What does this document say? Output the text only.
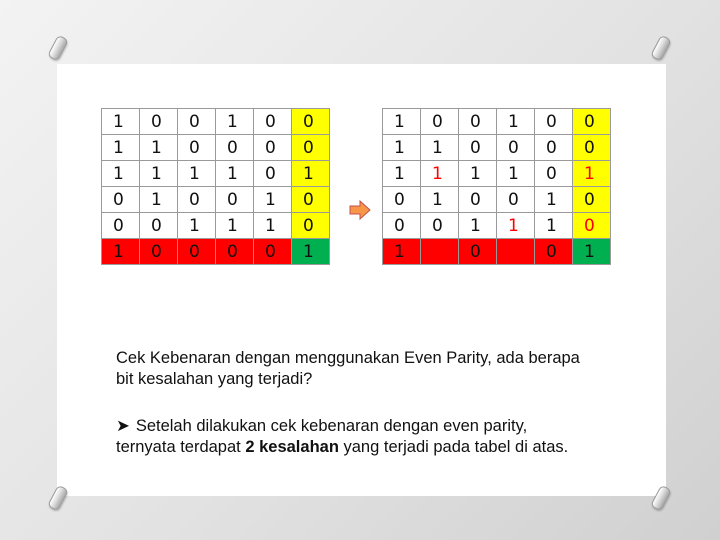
1	0	0	1	0	0
1	1	0	0	0	0
1	1	1	1	0	1
0	1	0	0	1	0
0	0	1	1	1	0
1	0	0	0	0	1
1	0	0	1	0	0
1	1	0	0	0	0
1	1	1	1	0	1
0	1	0	0	1	0
0	0	1	1	1	0
1	0	0	0	0	1
Cek Kebenaran dengan menggunakan Even Parity, ada berapa bit kesalahan yang terjadi?
➤ Setelah dilakukan cek kebenaran dengan even parity, ternyata terdapat 2 kesalahan yang terjadi pada tabel di atas.
